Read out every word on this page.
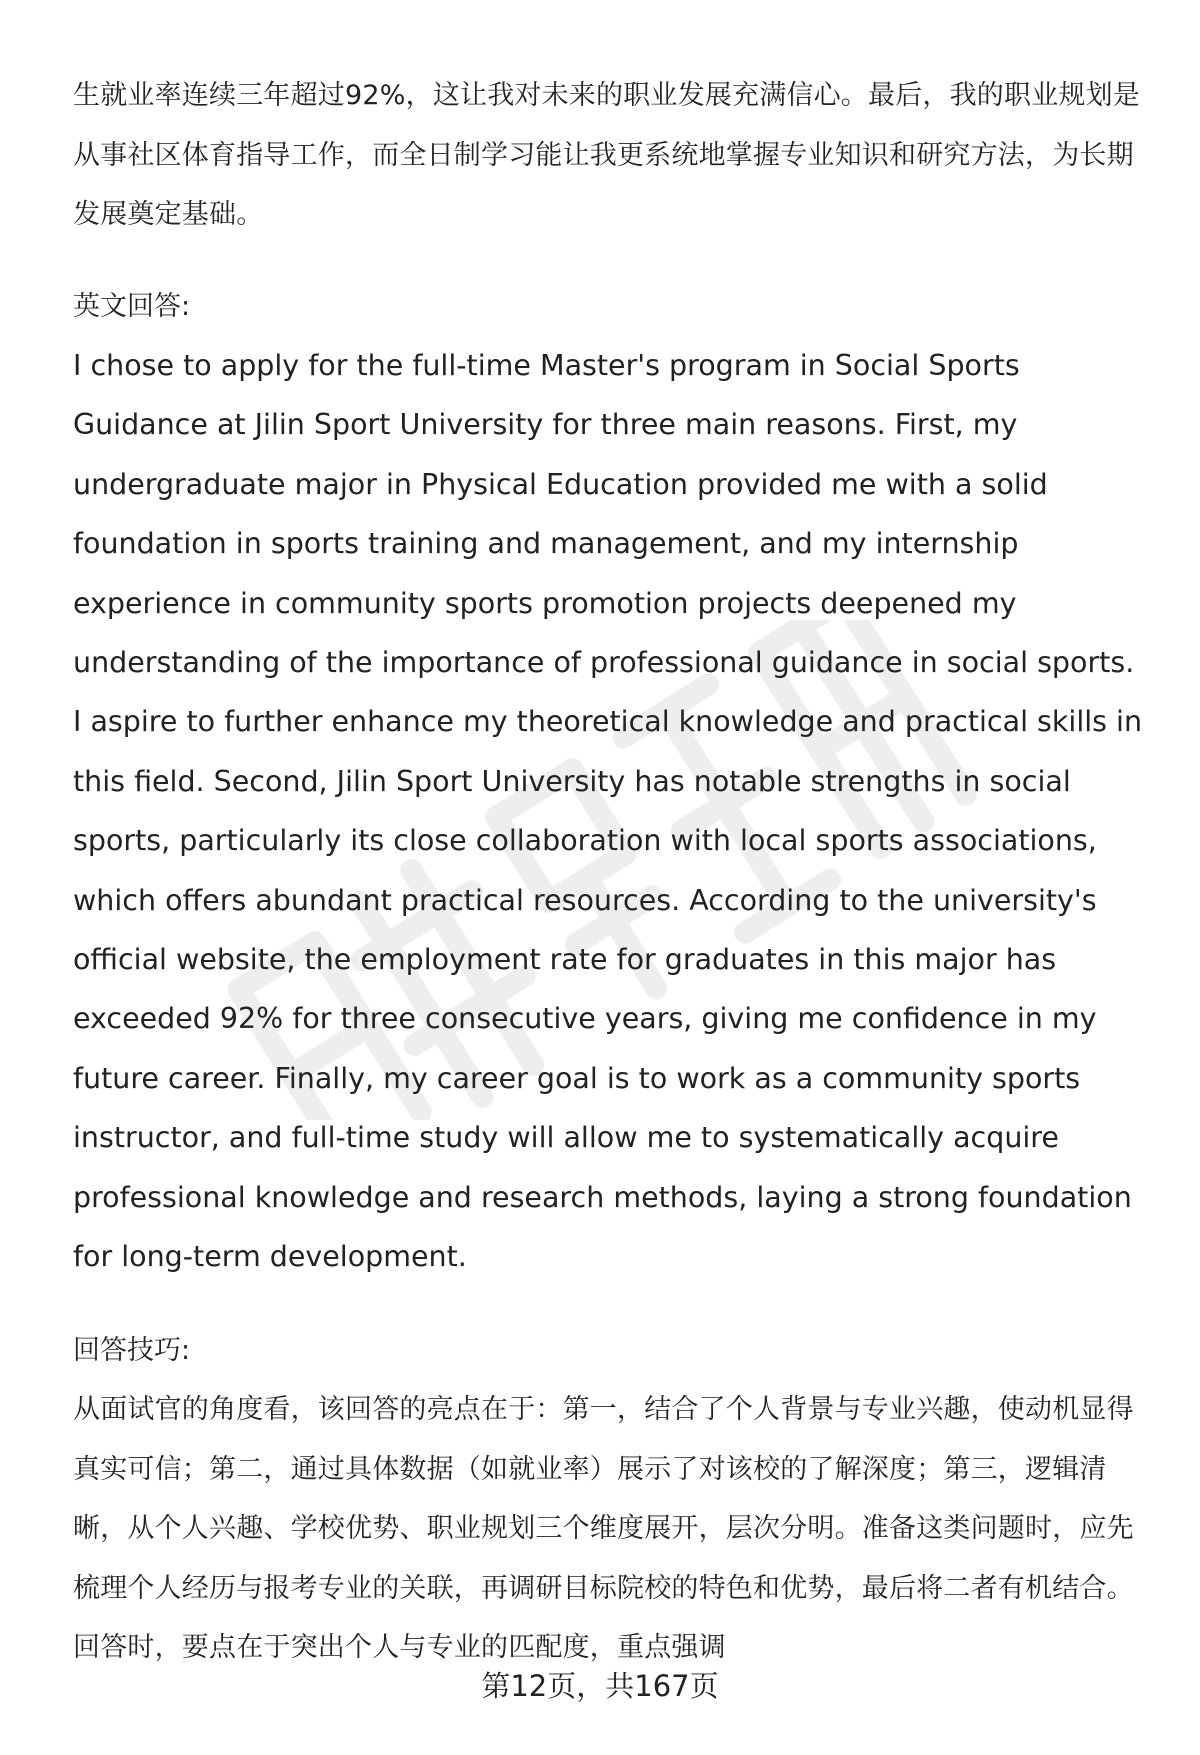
生就业率连续三年超过92%，这让我对未来的职业发展充满信心。最后，我的职业规划是从事社区体育指导工作，而全日制学习能让我更系统地掌握专业知识和研究方法，为长期发展奠定基础。

英文回答:

I chose to apply for the full-time Master's program in Social Sports Guidance at Jilin Sport University for three main reasons. First, my undergraduate major in Physical Education provided me with a solid foundation in sports training and management, and my internship experience in community sports promotion projects deepened my understanding of the importance of professional guidance in social sports. I aspire to further enhance my theoretical knowledge and practical skills in this field. Second, Jilin Sport University has notable strengths in social sports, particularly its close collaboration with local sports associations, which offers abundant practical resources. According to the university's official website, the employment rate for graduates in this major has exceeded 92% for three consecutive years, giving me confidence in my future career. Finally, my career goal is to work as a community sports instructor, and full-time study will allow me to systematically acquire professional knowledge and research methods, laying a strong foundation for long-term development.

回答技巧:

从面试官的角度看，该回答的亮点在于：第一，结合了个人背景与专业兴趣，使动机显得真实可信；第二，通过具体数据（如就业率）展示了对该校的了解深度；第三，逻辑清晰，从个人兴趣、学校优势、职业规划三个维度展开，层次分明。准备这类问题时，应先梳理个人经历与报考专业的关联，再调研目标院校的特色和优势，最后将二者有机结合。回答时，要点在于突出个人与专业的匹配度，重点强调

第12页，共167页
